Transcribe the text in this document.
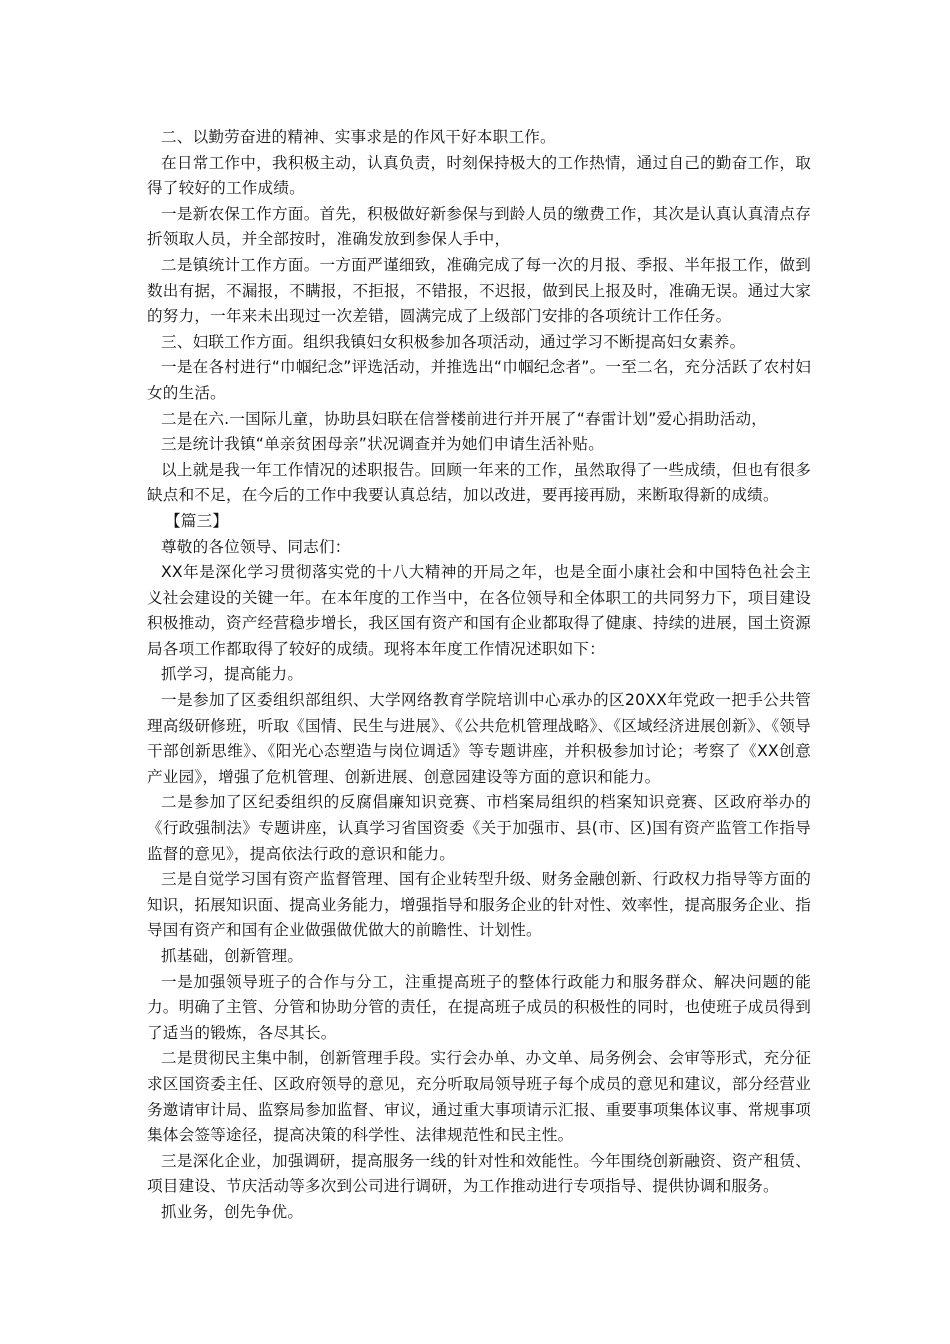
二、以勤劳奋进的精神、实事求是的作风干好本职工作。

在日常工作中，我积极主动，认真负责，时刻保持极大的工作热情，通过自己的勤奋工作，取得了较好的工作成绩。

一是新农保工作方面。首先，积极做好新参保与到龄人员的缴费工作，其次是认真认真清点存折领取人员，并全部按时，准确发放到参保人手中，

二是镇统计工作方面。一方面严谨细致，准确完成了每一次的月报、季报、半年报工作，做到数出有据，不漏报，不瞒报，不拒报，不错报，不迟报，做到民上报及时，准确无误。通过大家的努力，一年来未出现过一次差错，圆满完成了上级部门安排的各项统计工作任务。

三、妇联工作方面。组织我镇妇女积极参加各项活动，通过学习不断提高妇女素养。

一是在各村进行“巾帼纪念”评选活动，并推选出“巾帼纪念者”。一至二名，充分活跃了农村妇女的生活。

二是在六.一国际儿童，协助县妇联在信誉楼前进行并开展了“春雷计划”爱心捐助活动，

三是统计我镇“单亲贫困母亲”状况调查并为她们申请生活补贴。

以上就是我一年工作情况的述职报告。回顾一年来的工作，虽然取得了一些成绩，但也有很多缺点和不足，在今后的工作中我要认真总结，加以改进，要再接再励，来断取得新的成绩。

【篇三】

尊敬的各位领导、同志们：

XX年是深化学习贯彻落实党的十八大精神的开局之年，也是全面小康社会和中国特色社会主义社会建设的关键一年。在本年度的工作当中，在各位领导和全体职工的共同努力下，项目建设积极推动，资产经营稳步增长，我区国有资产和国有企业都取得了健康、持续的进展，国土资源局各项工作都取得了较好的成绩。现将本年度工作情况述职如下：

抓学习，提高能力。

一是参加了区委组织部组织、大学网络教育学院培训中心承办的区20XX年党政一把手公共管理高级研修班，听取《国情、民生与进展》、《公共危机管理战略》、《区域经济进展创新》、《领导干部创新思维》、《阳光心态塑造与岗位调适》等专题讲座，并积极参加讨论；考察了《XX创意产业园》，增强了危机管理、创新进展、创意园建设等方面的意识和能力。

二是参加了区纪委组织的反腐倡廉知识竞赛、市档案局组织的档案知识竞赛、区政府举办的《行政强制法》专题讲座，认真学习省国资委《关于加强市、县(市、区)国有资产监管工作指导监督的意见》，提高依法行政的意识和能力。

三是自觉学习国有资产监督管理、国有企业转型升级、财务金融创新、行政权力指导等方面的知识，拓展知识面、提高业务能力，增强指导和服务企业的针对性、效率性，提高服务企业、指导国有资产和国有企业做强做优做大的前瞻性、计划性。

抓基础，创新管理。

一是加强领导班子的合作与分工，注重提高班子的整体行政能力和服务群众、解决问题的能力。明确了主管、分管和协助分管的责任，在提高班子成员的积极性的同时，也使班子成员得到了适当的锻炼，各尽其长。

二是贯彻民主集中制，创新管理手段。实行会办单、办文单、局务例会、会审等形式，充分征求区国资委主任、区政府领导的意见，充分听取局领导班子每个成员的意见和建议，部分经营业务邀请审计局、监察局参加监督、审议，通过重大事项请示汇报、重要事项集体议事、常规事项集体会签等途径，提高决策的科学性、法律规范性和民主性。

三是深化企业，加强调研，提高服务一线的针对性和效能性。今年围绕创新融资、资产租赁、项目建设、节庆活动等多次到公司进行调研，为工作推动进行专项指导、提供协调和服务。

抓业务，创先争优。
